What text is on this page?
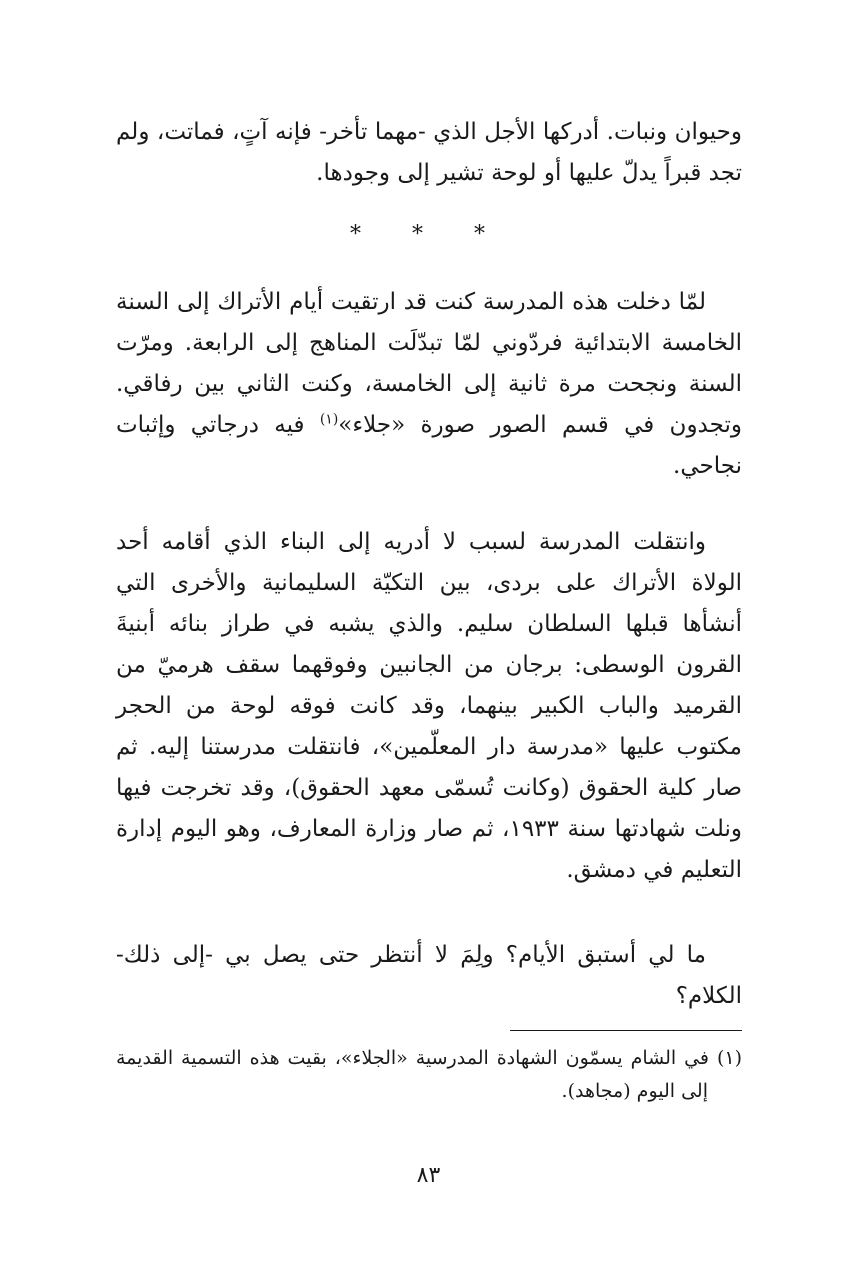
وحيوان ونبات. أدركها الأجل الذي -مهما تأخر- فإنه آتٍ، فماتت، ولم تجد قبراً يدلّ عليها أو لوحة تشير إلى وجودها.

* * *

لمّا دخلت هذه المدرسة كنت قد ارتقيت أيام الأتراك إلى السنة الخامسة الابتدائية فردّوني لمّا تبدّلَت المناهج إلى الرابعة. ومرّت السنة ونجحت مرة ثانية إلى الخامسة، وكنت الثاني بين رفاقي. وتجدون في قسم الصور صورة «جلاء»$^{(١)}$ فيه درجاتي وإثبات نجاحي.

وانتقلت المدرسة لسبب لا أدريه إلى البناء الذي أقامه أحد الولاة الأتراك على بردى، بين التكيّة السليمانية والأخرى التي أنشأها قبلها السلطان سليم. والذي يشبه في طراز بنائه أبنيةَ القرون الوسطى: برجان من الجانبين وفوقهما سقف هرميّ من القرميد والباب الكبير بينهما، وقد كانت فوقه لوحة من الحجر مكتوب عليها «مدرسة دار المعلّمين»، فانتقلت مدرستنا إليه. ثم صار كلية الحقوق (وكانت تُسمّى معهد الحقوق)، وقد تخرجت فيها ونلت شهادتها سنة ١٩٣٣، ثم صار وزارة المعارف، وهو اليوم إدارة التعليم في دمشق.

ما لي أستبق الأيام؟ ولِمَ لا أنتظر حتى يصل بي -إلى ذلك- الكلام؟

(١) في الشام يسمّون الشهادة المدرسية «الجلاء»، بقيت هذه التسمية القديمة إلى اليوم (مجاهد).

٨٣
